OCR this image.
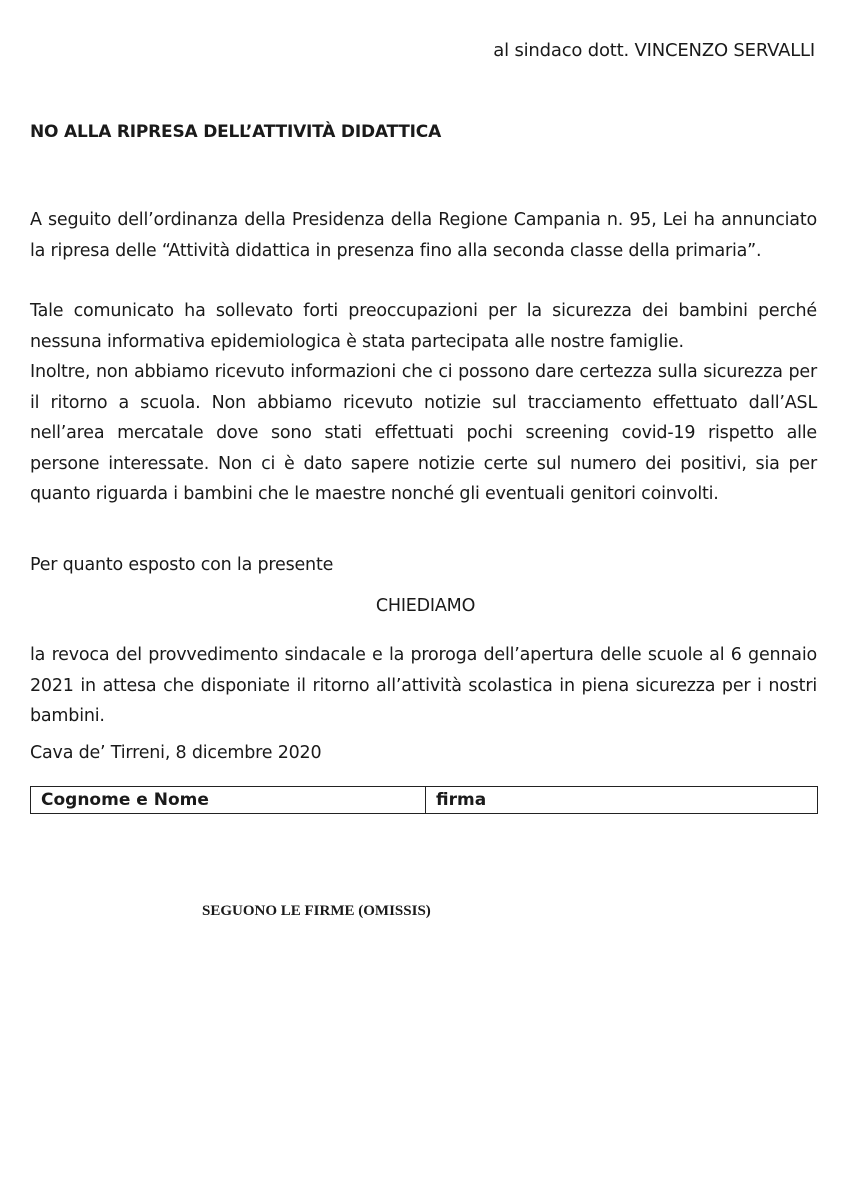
al sindaco dott. VINCENZO SERVALLI
NO ALLA RIPRESA DELL’ATTIVITÀ DIDATTICA
A seguito dell’ordinanza della Presidenza della Regione Campania n. 95, Lei ha annunciato la ripresa delle “Attività didattica in presenza fino alla seconda classe della primaria”.
Tale comunicato ha sollevato forti preoccupazioni per la sicurezza dei bambini perché nessuna informativa epidemiologica è stata partecipata alle nostre famiglie.
Inoltre, non abbiamo ricevuto informazioni che ci possono dare certezza sulla sicurezza per il ritorno a scuola. Non abbiamo ricevuto notizie sul tracciamento effettuato dall’ASL nell’area mercatale dove sono stati effettuati pochi screening covid-19 rispetto alle persone interessate. Non ci è dato sapere notizie certe sul numero dei positivi, sia per quanto riguarda i bambini che le maestre nonché gli eventuali genitori coinvolti.
Per quanto esposto con la presente
CHIEDIAMO
la revoca del provvedimento sindacale e la proroga dell’apertura delle scuole al 6 gennaio 2021 in attesa che disponiate il ritorno all’attività scolastica in piena sicurezza per i nostri bambini.
Cava de’ Tirreni, 8 dicembre 2020
Cognome e Nome	firma
SEGUONO LE FIRME (OMISSIS)
